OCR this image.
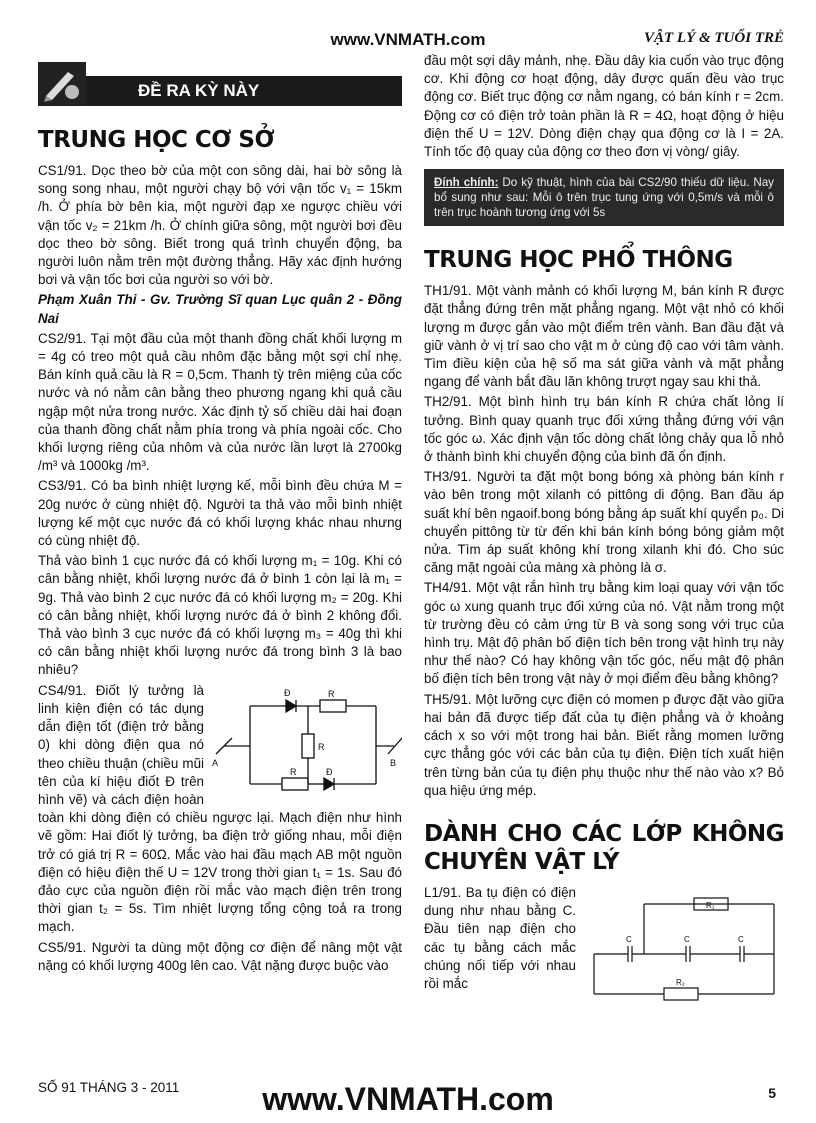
www.VNMATH.com	VẬT LÝ & TUỔI TRẺ
ĐỀ RA KỲ NÀY
TRUNG HỌC CƠ SỞ

CS1/91. Dọc theo bờ của một con sông dài, hai bờ sông là song song nhau, một người chạy bộ với vận tốc v₁ = 15km /h. Ở phía bờ bên kia, một người đạp xe ngược chiều với vận tốc v₂ = 21km /h. Ở chính giữa sông, một người bơi đều dọc theo bờ sông. Biết trong quá trình chuyển động, ba người luôn nằm trên một đường thẳng. Hãy xác định hướng bơi và vận tốc bơi của người so với bờ.

Phạm Xuân Thi - Gv. Trường Sĩ quan Lục quân 2 - Đồng Nai

CS2/91. Tại một đầu của một thanh đồng chất khối lượng m = 4g có treo một quả cầu nhôm đặc bằng một sợi chỉ nhẹ. Bán kính quả cầu là R = 0,5cm. Thanh tỳ trên miệng của cốc nước và nó nằm cân bằng theo phương ngang khi quả cầu ngập một nửa trong nước. Xác định tỷ số chiều dài hai đoạn của thanh đồng chất nằm phía trong và phía ngoài cốc. Cho khối lượng riêng của nhôm và của nước lần lượt là 2700kg /m³ và 1000kg /m³.

CS3/91. Có ba bình nhiệt lượng kế, mỗi bình đều chứa M = 20g nước ở cùng nhiệt độ. Người ta thả vào mỗi bình nhiệt lượng kế một cục nước đá có khối lượng khác nhau nhưng có cùng nhiệt độ.

Thả vào bình 1 cục nước đá có khối lượng m₁ = 10g. Khi có cân bằng nhiệt, khối lượng nước đá ở bình 1 còn lại là m₁ = 9g. Thả vào bình 2 cục nước đá có khối lượng m₂ = 20g. Khi có cân bằng nhiệt, khối lượng nước đá ở bình 2 không đổi. Thả vào bình 3 cục nước đá có khối lượng m₃ = 40g thì khi có cân bằng nhiệt khối lượng nước đá trong bình 3 là bao nhiêu?

Đ	R
R
R	Đ
A	B

CS4/91. Điốt lý tưởng là linh kiện điện có tác dụng dẫn điện tốt (điện trở bằng 0) khi dòng điện qua nó theo chiều thuận (chiều mũi tên của kí hiệu điốt Đ trên hình vẽ) và cách điện hoàn toàn khi dòng điện có chiều ngược lại. Mạch điện như hình vẽ gồm: Hai điốt lý tưởng, ba điện trở giống nhau, mỗi điện trở có giá trị R = 60Ω. Mắc vào hai đầu mạch AB một nguồn điện có hiệu điện thế U = 12V trong thời gian t₁ = 1s. Sau đó đảo cực của nguồn điện rồi mắc vào mạch điện trên trong thời gian t₂ = 5s. Tìm nhiệt lượng tổng cộng toả ra trong mạch.

CS5/91. Người ta dùng một động cơ điện để nâng một vật nặng có khối lượng 400g lên cao. Vật nặng được buộc vào

đầu một sợi dây mảnh, nhẹ. Đầu dây kia cuốn vào trục động cơ. Khi động cơ hoạt động, dây được quấn đều vào trục động cơ. Biết trục động cơ nằm ngang, có bán kính r = 2cm. Động cơ có điện trở toàn phần là R = 4Ω, hoạt động ở hiệu điện thế U = 12V. Dòng điện chạy qua động cơ là I = 2A. Tính tốc độ quay của động cơ theo đơn vị vòng/ giây.

Đính chính: Do kỹ thuật, hình của bài CS2/90 thiếu dữ liệu. Nay bổ sung như sau: Mỗi ô trên trục tung ứng với 0,5m/s và mỗi ô trên trục hoành tương ứng với 5s
TRUNG HỌC PHỔ THÔNG

TH1/91. Một vành mảnh có khối lượng M, bán kính R được đặt thẳng đứng trên mặt phẳng ngang. Một vật nhỏ có khối lượng m được gắn vào một điểm trên vành. Ban đầu đặt và giữ vành ở vị trí sao cho vật m ở cùng độ cao với tâm vành. Tìm điều kiện của hệ số ma sát giữa vành và mặt phẳng ngang để vành bắt đầu lăn không trượt ngay sau khi thả.

TH2/91. Một bình hình trụ bán kính R chứa chất lỏng lí tưởng. Bình quay quanh trục đối xứng thẳng đứng với vận tốc góc ω. Xác định vận tốc dòng chất lỏng chảy qua lỗ nhỏ ở thành bình khi chuyển động của bình đã ổn định.

TH3/91. Người ta đặt một bong bóng xà phòng bán kính r vào bên trong một xilanh có pittông di động. Ban đầu áp suất khí bên ngaoif.bong bóng bằng áp suất khí quyển p₀. Di chuyển pittông từ từ đến khi bán kính bóng bóng giảm một nửa. Tìm áp suất không khí trong xilanh khi đó. Cho súc căng mặt ngoài của màng xà phòng là σ.

TH4/91. Một vật rắn hình trụ bằng kim loại quay với vận tốc góc ω xung quanh trục đối xứng của nó. Vật nằm trong một từ trường đều có cảm ứng từ B và song song với trục của hình trụ. Mật độ phân bố điện tích bên trong vật hình trụ này như thế nào? Có hay không vận tốc góc, nếu mật độ phân bố điện tích bên trong vật này ở mọi điểm đều bằng không?

TH5/91. Một lưỡng cực điện có momen p được đặt vào giữa hai bản đã được tiếp đất của tụ điện phẳng và ở khoảng cách x so với một trong hai bản. Biết rằng momen lưỡng cực thẳng góc với các bản của tụ điện. Điện tích xuất hiện trên từng bản của tụ điện phụ thuộc như thế nào vào x? Bỏ qua hiệu ứng mép.

DÀNH CHO CÁC LỚP KHÔNG CHUYÊN VẬT LÝ
R₁
R₂
C	C	C

L1/91. Ba tụ điện có điện dung như nhau bằng C. Đầu tiên nạp điện cho các tụ bằng cách mắc chúng nối tiếp với nhau rồi mắc

SỐ 91 THÁNG 3 - 2011	www.VNMATH.com	5
